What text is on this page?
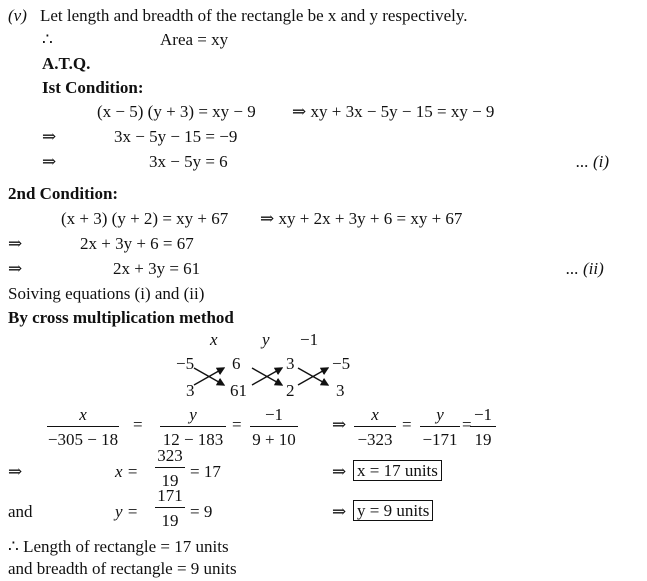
(v) Let length and breadth of the rectangle be x and y respectively.
∴	Area = xy
A.T.Q.
Ist Condition:
(x − 5) (y + 3) = xy − 9 ⇒ xy + 3x − 5y − 15 = xy − 9
⇒	3x − 5y − 15 = −9
⇒	3x − 5y = 6	... (i)
2nd Condition:
(x + 3) (y + 2) = xy + 67 ⇒ xy + 2x + 3y + 6 = xy + 67
⇒	2x + 3y + 6 = 67
⇒	2x + 3y = 61	... (ii)
Soiving equations (i) and (ii)
By cross multiplication method
x	y −1
−5 6	3 −5
3 61 2 3
x
−305 − 18
=
y
12 − 183
=
−1
9 + 10
⇒
x
−323
=
y
−171
=
−1
19
⇒	x =
323
19 = 17	⇒ x = 17 units
and	y =
171
19 = 9	⇒ y = 9 units
∴ Length of rectangle = 17 units
and breadth of rectangle = 9 units
